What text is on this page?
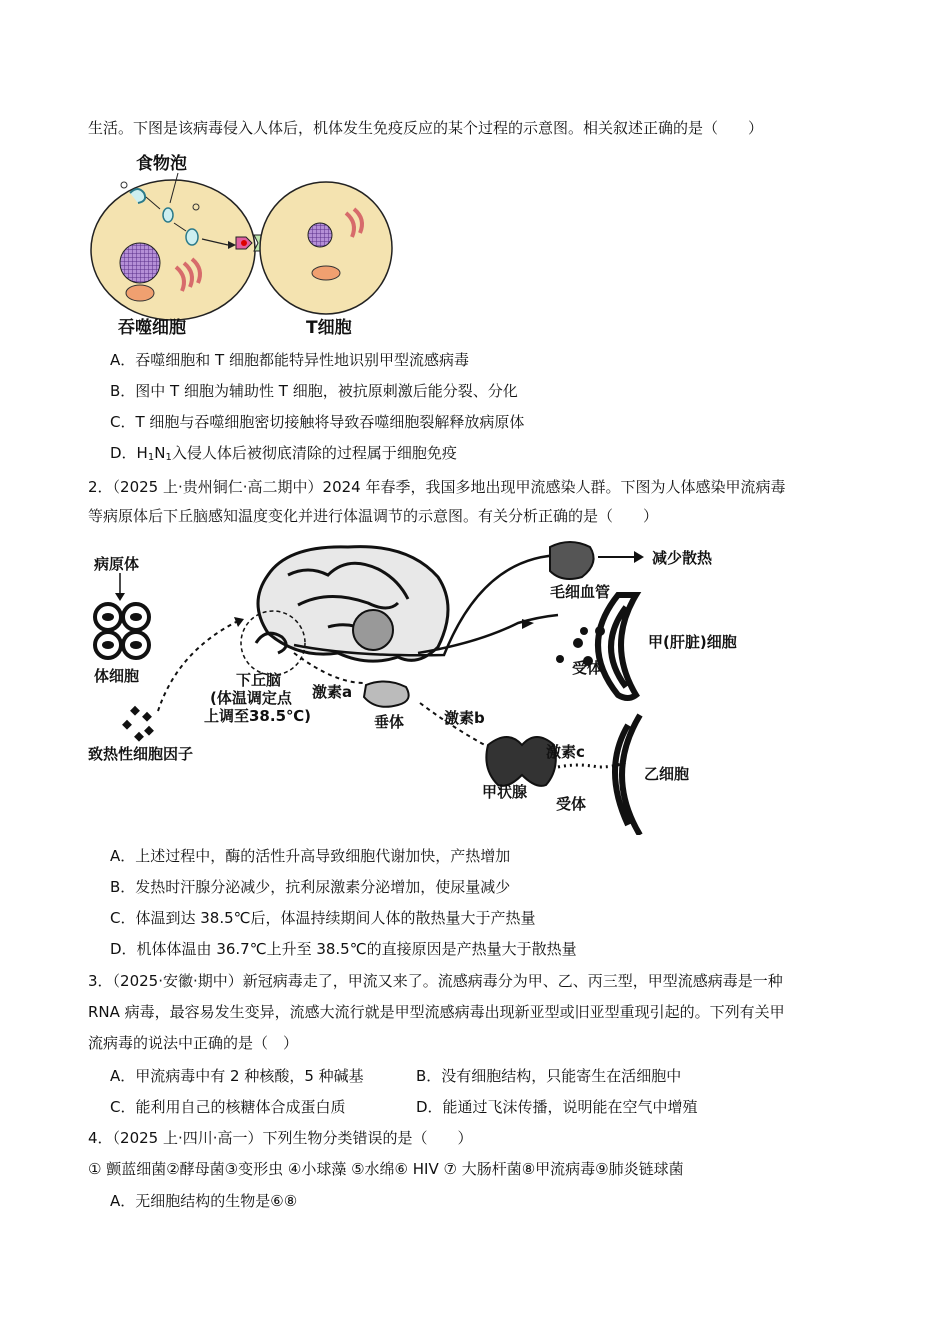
生活。下图是该病毒侵入人体后，机体发生免疫反应的某个过程的示意图。相关叙述正确的是（　　）
食物泡
吞噬细胞	T细胞
A．吞噬细胞和 T 细胞都能特异性地识别甲型流感病毒
B．图中 T 细胞为辅助性 T 细胞，被抗原刺激后能分裂、分化
C．T 细胞与吞噬细胞密切接触将导致吞噬细胞裂解释放病原体
D．$H_1N_1$入侵人体后被彻底清除的过程属于细胞免疫
2．（2025 上·贵州铜仁·高二期中）2024 年春季，我国多地出现甲流感染人群。下图为人体感染甲流病毒
等病原体后下丘脑感知温度变化并进行体温调节的示意图。有关分析正确的是（　　）
病原体
体细胞
致热性细胞因子
下丘脑
(体温调定点
上调至38.5℃)
激素a
垂体	激素b
毛细血管
减少散热
受体
甲(肝脏)细胞
甲状腺
激素c
受体
乙细胞
A．上述过程中，酶的活性升高导致细胞代谢加快，产热增加
B．发热时汗腺分泌减少，抗利尿激素分泌增加，使尿量减少
C．体温到达 38.5℃后，体温持续期间人体的散热量大于产热量
D．机体体温由 36.7℃上升至 38.5℃的直接原因是产热量大于散热量
3．（2025·安徽·期中）新冠病毒走了，甲流又来了。流感病毒分为甲、乙、丙三型，甲型流感病毒是一种
RNA 病毒，最容易发生变异，流感大流行就是甲型流感病毒出现新亚型或旧亚型重现引起的。下列有关甲
流病毒的说法中正确的是（　）
A．甲流病毒中有 2 种核酸，5 种碱基	B．没有细胞结构，只能寄生在活细胞中
C．能利用自己的核糖体合成蛋白质	D．能通过飞沫传播，说明能在空气中增殖
4．（2025 上·四川·高一）下列生物分类错误的是（　　）
① 颤蓝细菌②酵母菌③变形虫 ④小球藻 ⑤水绵⑥ HIV ⑦ 大肠杆菌⑧甲流病毒⑨肺炎链球菌
A．无细胞结构的生物是⑥⑧
